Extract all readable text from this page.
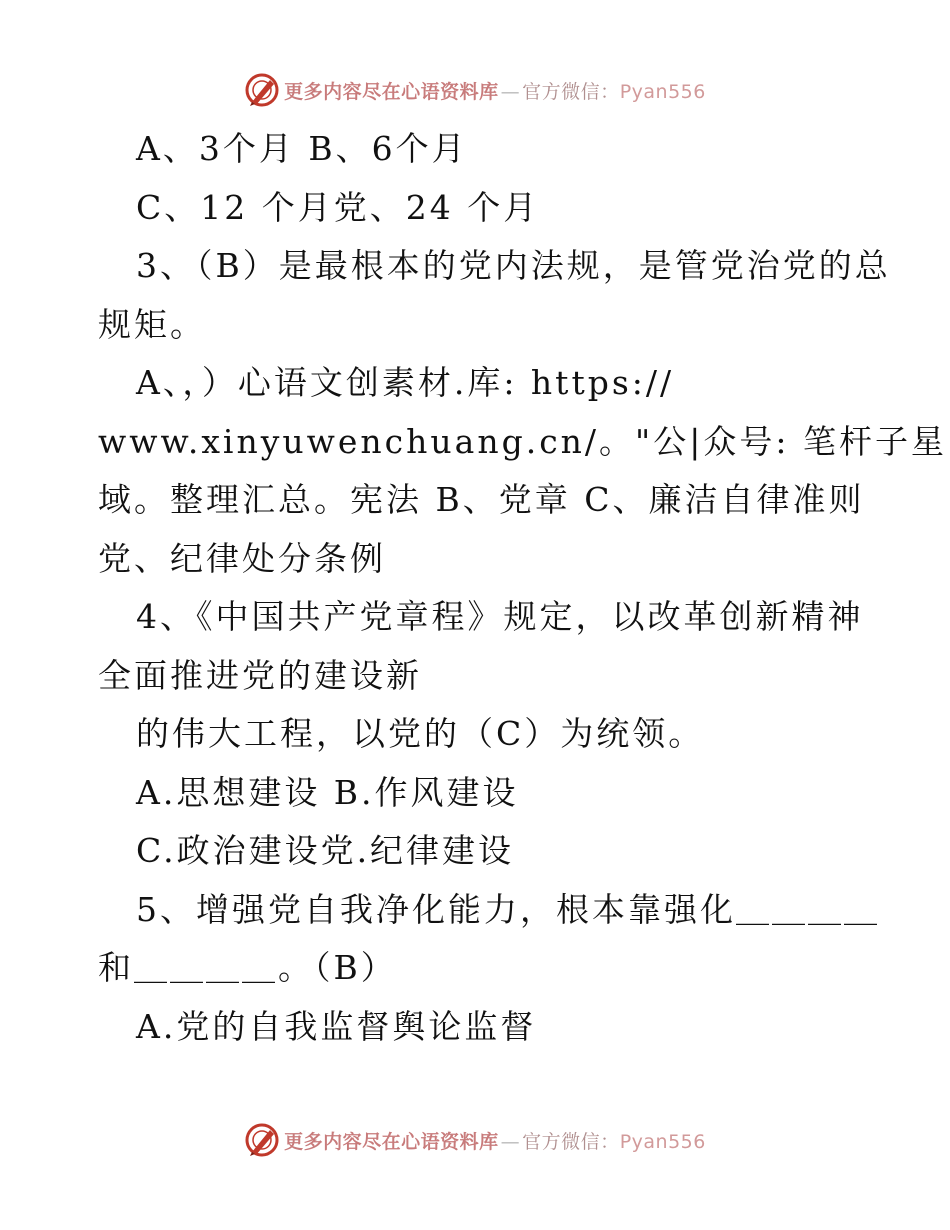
更多内容尽在心语资料库 — 官方微信：Pyan556
A、3个月 B、6个月
C、12 个月党、24 个月
3、（B）是最根本的党内法规，是管党治党的总
规矩。
A、，）心语文创素材.库: https://
www.xinyuwenchuang.cn/。"公|众号: 笔杆子星
域。整理汇总。宪法 B、党章 C、廉洁自律准则
党、纪律处分条例
4、《中国共产党章程》规定，以改革创新精神
全面推进党的建设新
的伟大工程，以党的（C）为统领。
A.思想建设 B.作风建设
C.政治建设党.纪律建设
5、增强党自我净化能力，根本靠强化＿＿＿＿
和＿＿＿＿。（B）
A.党的自我监督舆论监督
更多内容尽在心语资料库 — 官方微信：Pyan556
